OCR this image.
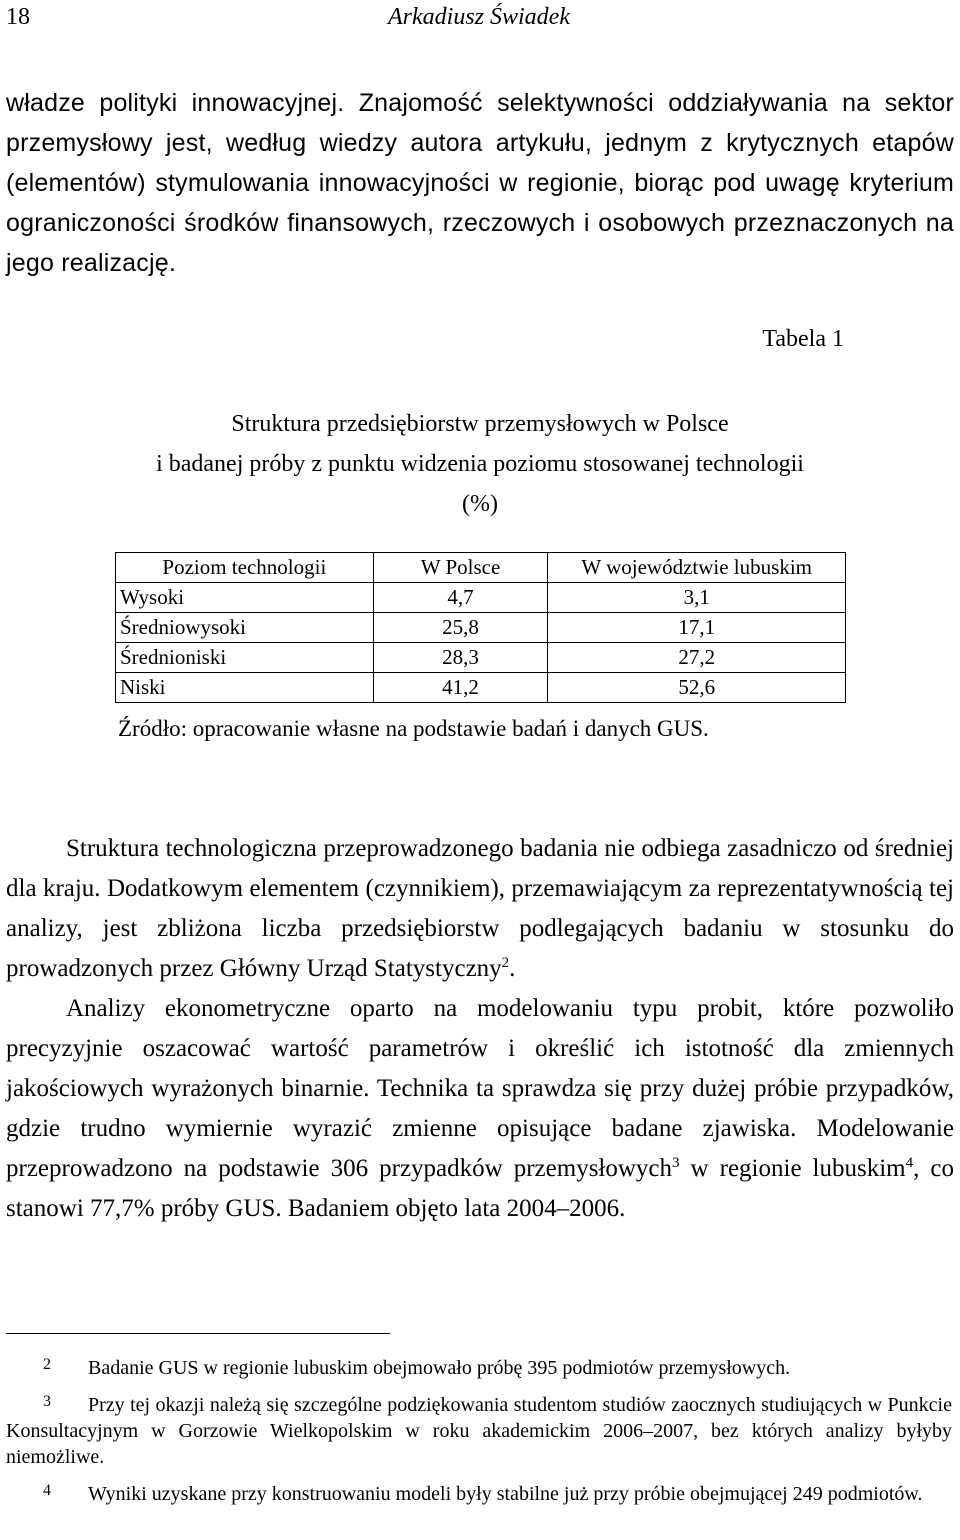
18	Arkadiusz Świadek

władze polityki innowacyjnej. Znajomość selektywności oddziaływania na sektor przemysłowy jest, według wiedzy autora artykułu, jednym z krytycznych etapów (elementów) stymulowania innowacyjności w regionie, biorąc pod uwagę kryterium ograniczoności środków finansowych, rzeczowych i osobowych przeznaczonych na jego realizację.

Tabela 1
Struktura przedsiębiorstw przemysłowych w Polsce
i badanej próby z punktu widzenia poziomu stosowanej technologii
(%)
Poziom technologii	W Polsce	W województwie lubuskim
Wysoki	4,7	3,1
Średniowysoki	25,8	17,1
Średnioniski	28,3	27,2
Niski	41,2	52,6
Źródło: opracowanie własne na podstawie badań i danych GUS.

Struktura technologiczna przeprowadzonego badania nie odbiega zasadniczo od średniej dla kraju. Dodatkowym elementem (czynnikiem), przemawiającym za reprezentatywnością tej analizy, jest zbliżona liczba przedsiębiorstw podlegających badaniu w stosunku do prowadzonych przez Główny Urząd Statystyczny$^2$.

Analizy ekonometryczne oparto na modelowaniu typu probit, które pozwoliło precyzyjnie oszacować wartość parametrów i określić ich istotność dla zmiennych jakościowych wyrażonych binarnie. Technika ta sprawdza się przy dużej próbie przypadków, gdzie trudno wymiernie wyrazić zmienne opisujące badane zjawiska. Modelowanie przeprowadzono na podstawie 306 przypadków przemysłowych$^3$ w regionie lubuskim$^4$, co stanowi 77,7% próby GUS. Badaniem objęto lata 2004–2006.

2 Badanie GUS w regionie lubuskim obejmowało próbę 395 podmiotów przemysłowych.

3 Przy tej okazji należą się szczególne podziękowania studentom studiów zaocznych studiujących w Punkcie Konsultacyjnym w Gorzowie Wielkopolskim w roku akademickim 2006–2007, bez których analizy byłyby niemożliwe.

4 Wyniki uzyskane przy konstruowaniu modeli były stabilne już przy próbie obejmującej 249 podmiotów.
